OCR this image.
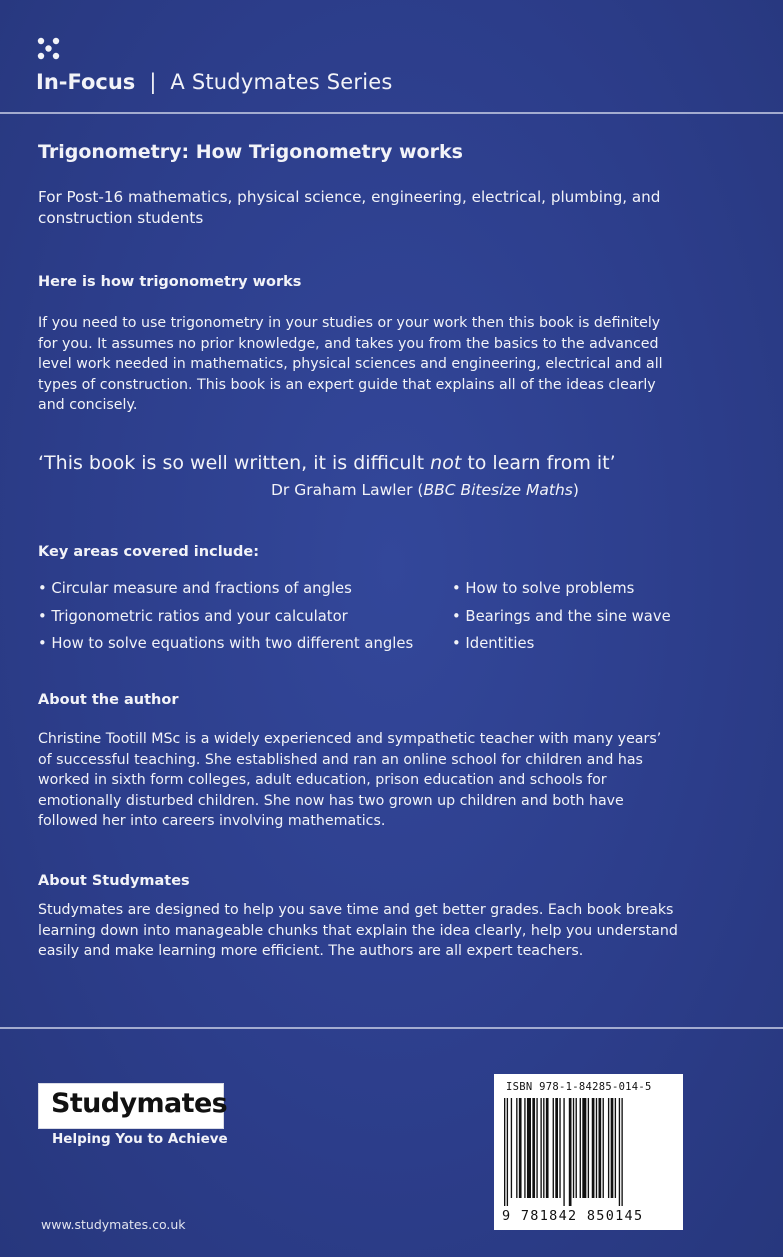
In-Focus | A Studymates Series
Trigonometry: How Trigonometry works
For Post-16 mathematics, physical science, engineering, electrical, plumbing, and construction students
Here is how trigonometry works
If you need to use trigonometry in your studies or your work then this book is definitely for you. It assumes no prior knowledge, and takes you from the basics to the advanced level work needed in mathematics, physical sciences and engineering, electrical and all types of construction. This book is an expert guide that explains all of the ideas clearly and concisely.
‘This book is so well written, it is difficult not to learn from it’
Dr Graham Lawler (BBC Bitesize Maths)
Key areas covered include:
• Circular measure and fractions of angles
• Trigonometric ratios and your calculator
• How to solve equations with two different angles
• How to solve problems
• Bearings and the sine wave
• Identities
About the author
Christine Tootill MSc is a widely experienced and sympathetic teacher with many years’ of successful teaching. She established and ran an online school for children and has worked in sixth form colleges, adult education, prison education and schools for emotionally disturbed children. She now has two grown up children and both have followed her into careers involving mathematics.
About Studymates
Studymates are designed to help you save time and get better grades. Each book breaks learning down into manageable chunks that explain the idea clearly, help you understand easily and make learning more efficient. The authors are all expert teachers.
Studymates
Helping You to Achieve
www.studymates.co.uk
ISBN 978-1-84285-014-5
9 781842 850145
